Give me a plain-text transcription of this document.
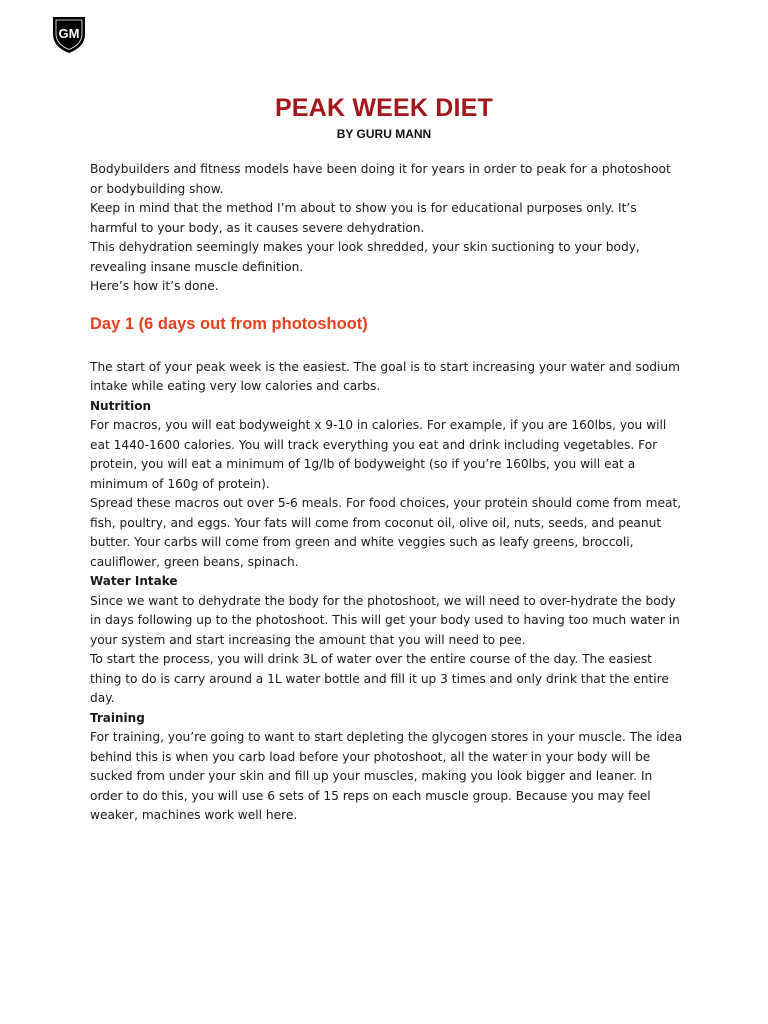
GM
PEAK WEEK DIET
BY GURU MANN

Bodybuilders and fitness models have been doing it for years in order to peak for a photoshoot or bodybuilding show.

Keep in mind that the method I’m about to show you is for educational purposes only. It’s harmful to your body, as it causes severe dehydration.

This dehydration seemingly makes your look shredded, your skin suctioning to your body, revealing insane muscle definition.

Here’s how it’s done.

Day 1 (6 days out from photoshoot)

The start of your peak week is the easiest. The goal is to start increasing your water and sodium intake while eating very low calories and carbs.

Nutrition

For macros, you will eat bodyweight x 9-10 in calories. For example, if you are 160lbs, you will eat 1440-1600 calories. You will track everything you eat and drink including vegetables. For protein, you will eat a minimum of 1g/lb of bodyweight (so if you’re 160lbs, you will eat a minimum of 160g of protein).

Spread these macros out over 5-6 meals. For food choices, your protein should come from meat, fish, poultry, and eggs. Your fats will come from coconut oil, olive oil, nuts, seeds, and peanut butter. Your carbs will come from green and white veggies such as leafy greens, broccoli, cauliflower, green beans, spinach.

Water Intake

Since we want to dehydrate the body for the photoshoot, we will need to over-hydrate the body in days following up to the photoshoot. This will get your body used to having too much water in your system and start increasing the amount that you will need to pee.

To start the process, you will drink 3L of water over the entire course of the day. The easiest thing to do is carry around a 1L water bottle and fill it up 3 times and only drink that the entire day.

Training

For training, you’re going to want to start depleting the glycogen stores in your muscle. The idea behind this is when you carb load before your photoshoot, all the water in your body will be sucked from under your skin and fill up your muscles, making you look bigger and leaner. In order to do this, you will use 6 sets of 15 reps on each muscle group. Because you may feel weaker, machines work well here.
